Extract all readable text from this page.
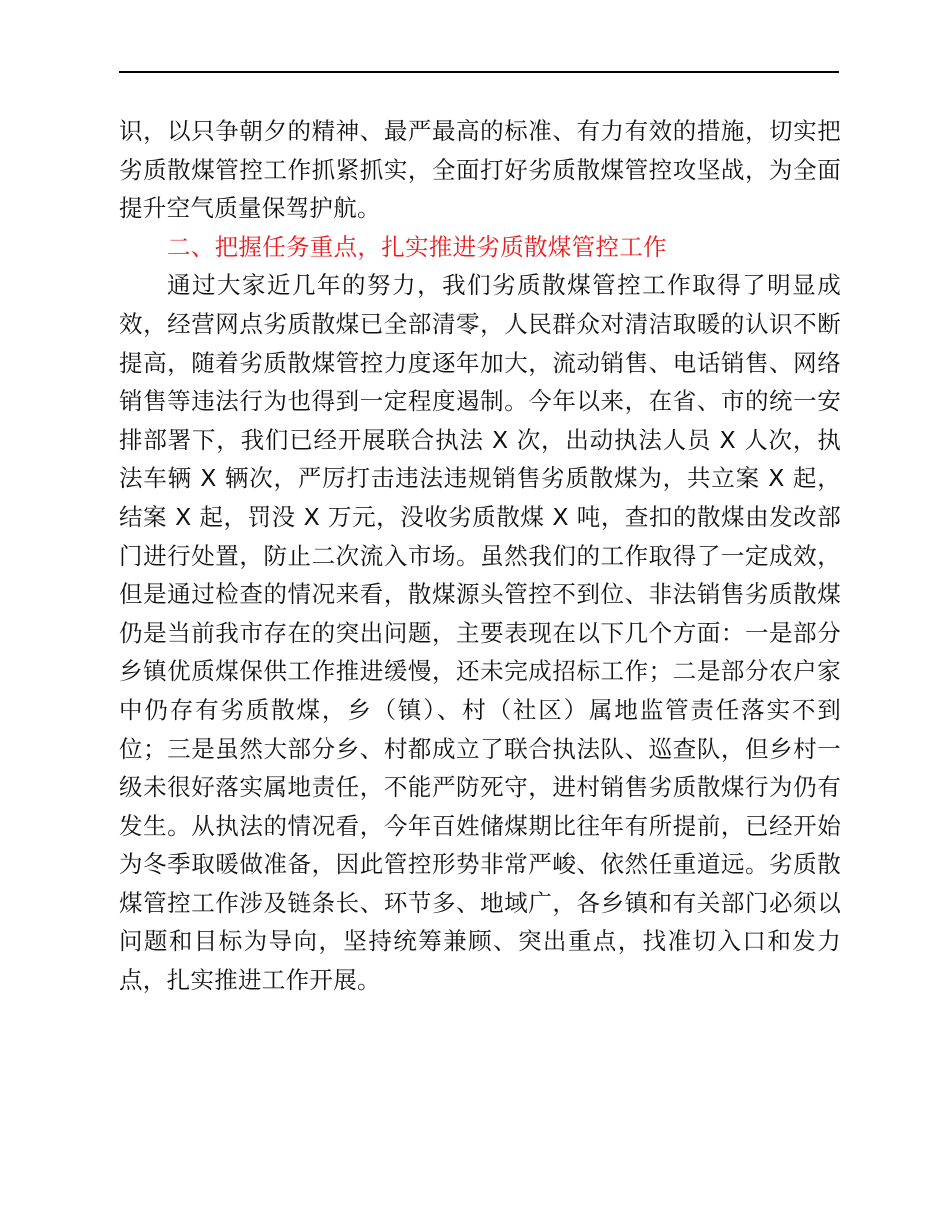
识，以只争朝夕的精神、最严最高的标准、有力有效的措施，切实把劣质散煤管控工作抓紧抓实，全面打好劣质散煤管控攻坚战，为全面提升空气质量保驾护航。

二、把握任务重点，扎实推进劣质散煤管控工作

通过大家近几年的努力，我们劣质散煤管控工作取得了明显成效，经营网点劣质散煤已全部清零，人民群众对清洁取暖的认识不断提高，随着劣质散煤管控力度逐年加大，流动销售、电话销售、网络销售等违法行为也得到一定程度遏制。今年以来，在省、市的统一安排部署下，我们已经开展联合执法 X 次，出动执法人员 X 人次，执法车辆 X 辆次，严厉打击违法违规销售劣质散煤为，共立案 X 起，结案 X 起，罚没 X 万元，没收劣质散煤 X 吨，查扣的散煤由发改部门进行处置，防止二次流入市场。虽然我们的工作取得了一定成效，但是通过检查的情况来看，散煤源头管控不到位、非法销售劣质散煤仍是当前我市存在的突出问题，主要表现在以下几个方面：一是部分乡镇优质煤保供工作推进缓慢，还未完成招标工作；二是部分农户家中仍存有劣质散煤，乡（镇）、村（社区）属地监管责任落实不到位；三是虽然大部分乡、村都成立了联合执法队、巡查队，但乡村一级未很好落实属地责任，不能严防死守，进村销售劣质散煤行为仍有发生。从执法的情况看，今年百姓储煤期比往年有所提前，已经开始为冬季取暖做准备，因此管控形势非常严峻、依然任重道远。劣质散煤管控工作涉及链条长、环节多、地域广，各乡镇和有关部门必须以问题和目标为导向，坚持统筹兼顾、突出重点，找准切入口和发力点，扎实推进工作开展。
